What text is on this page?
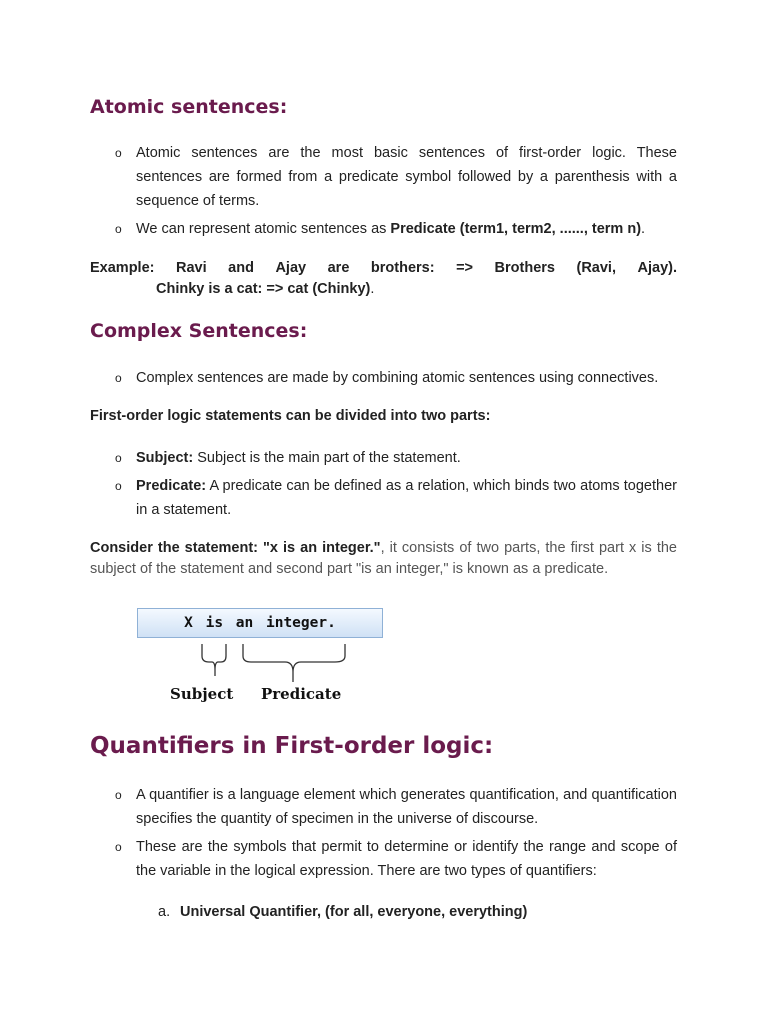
Atomic sentences:
o Atomic sentences are the most basic sentences of first-order logic. These sentences are formed from a predicate symbol followed by a parenthesis with a sequence of terms.
o We can represent atomic sentences as Predicate (term1, term2, ......, term n).
Example: Ravi and Ajay are brothers: => Brothers (Ravi, Ajay).
Chinky is a cat: => cat (Chinky).
Complex Sentences:
o Complex sentences are made by combining atomic sentences using connectives.
First-order logic statements can be divided into two parts:
o Subject: Subject is the main part of the statement.
o Predicate: A predicate can be defined as a relation, which binds two atoms together in a statement.
Consider the statement: "x is an integer.", it consists of two parts, the first part x is the subject of the statement and second part "is an integer," is known as a predicate.
X is an integer.
Subject Predicate
Quantifiers in First-order logic:
o A quantifier is a language element which generates quantification, and quantification specifies the quantity of specimen in the universe of discourse.
o These are the symbols that permit to determine or identify the range and scope of the variable in the logical expression. There are two types of quantifiers:
a. Universal Quantifier, (for all, everyone, everything)
